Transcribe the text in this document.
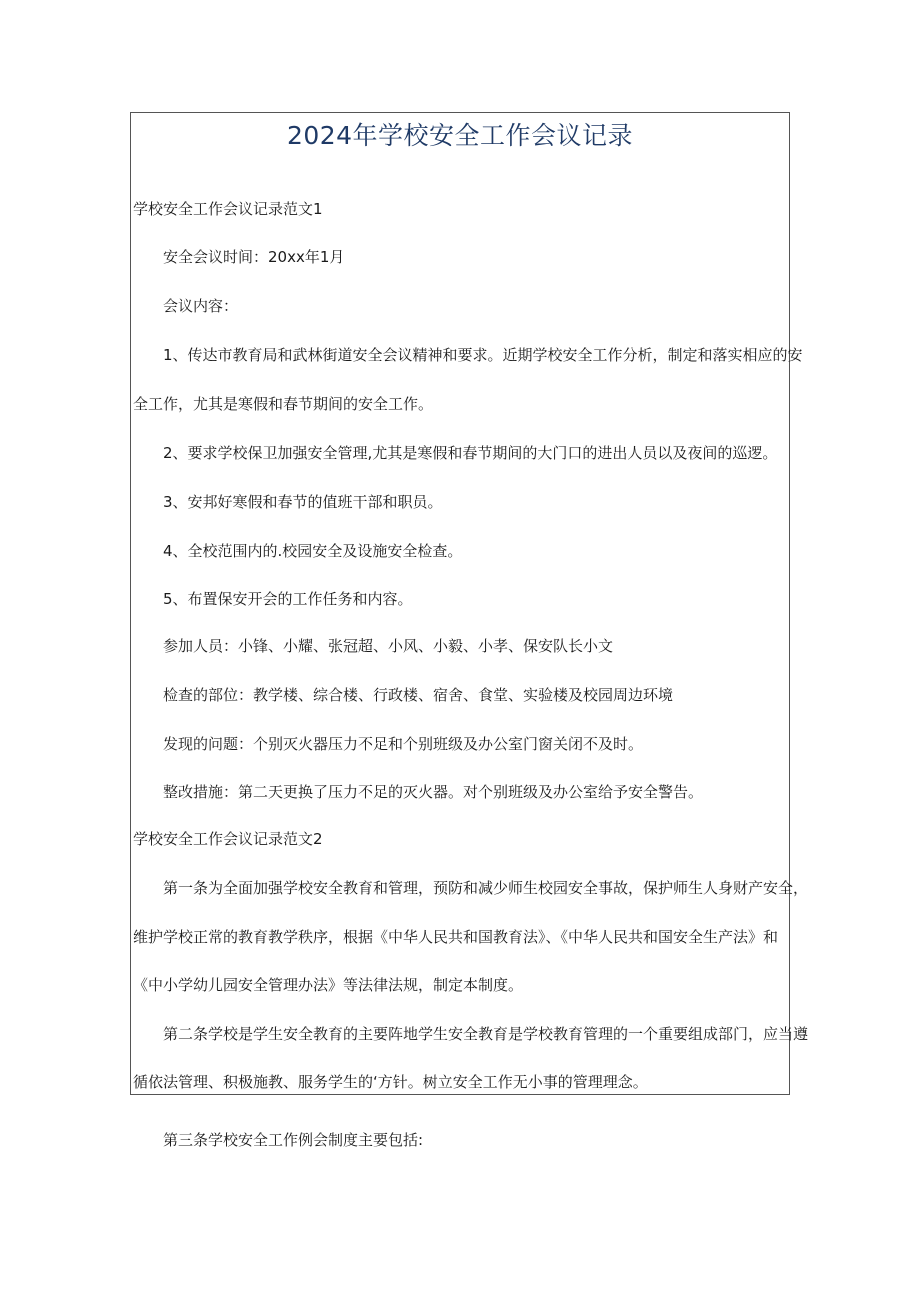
2024年学校安全工作会议记录
学校安全工作会议记录范文1
安全会议时间：20xx年1月
会议内容：
1、传达市教育局和武林街道安全会议精神和要求。近期学校安全工作分析，制定和落实相应的安
全工作，尤其是寒假和春节期间的安全工作。
2、要求学校保卫加强安全管理,尤其是寒假和春节期间的大门口的进出人员以及夜间的巡逻。
3、安邦好寒假和春节的值班干部和职员。
4、全校范围内的.校园安全及设施安全检查。
5、布置保安开会的工作任务和内容。
参加人员：小锋、小耀、张冠超、小风、小毅、小孝、保安队长小文
检查的部位：教学楼、综合楼、行政楼、宿舍、食堂、实验楼及校园周边环境
发现的问题：个别灭火器压力不足和个别班级及办公室门窗关闭不及时。
整改措施：第二天更换了压力不足的灭火器。对个别班级及办公室给予安全警告。
学校安全工作会议记录范文2
第一条为全面加强学校安全教育和管理，预防和减少师生校园安全事故，保护师生人身财产安全，
维护学校正常的教育教学秩序，根据《中华人民共和国教育法》、《中华人民共和国安全生产法》和
《中小学幼儿园安全管理办法》等法律法规，制定本制度。
第二条学校是学生安全教育的主要阵地学生安全教育是学校教育管理的一个重要组成部门，应当遵
循依法管理、积极施教、服务学生的‘方针。树立安全工作无小事的管理理念。
第三条学校安全工作例会制度主要包括:
